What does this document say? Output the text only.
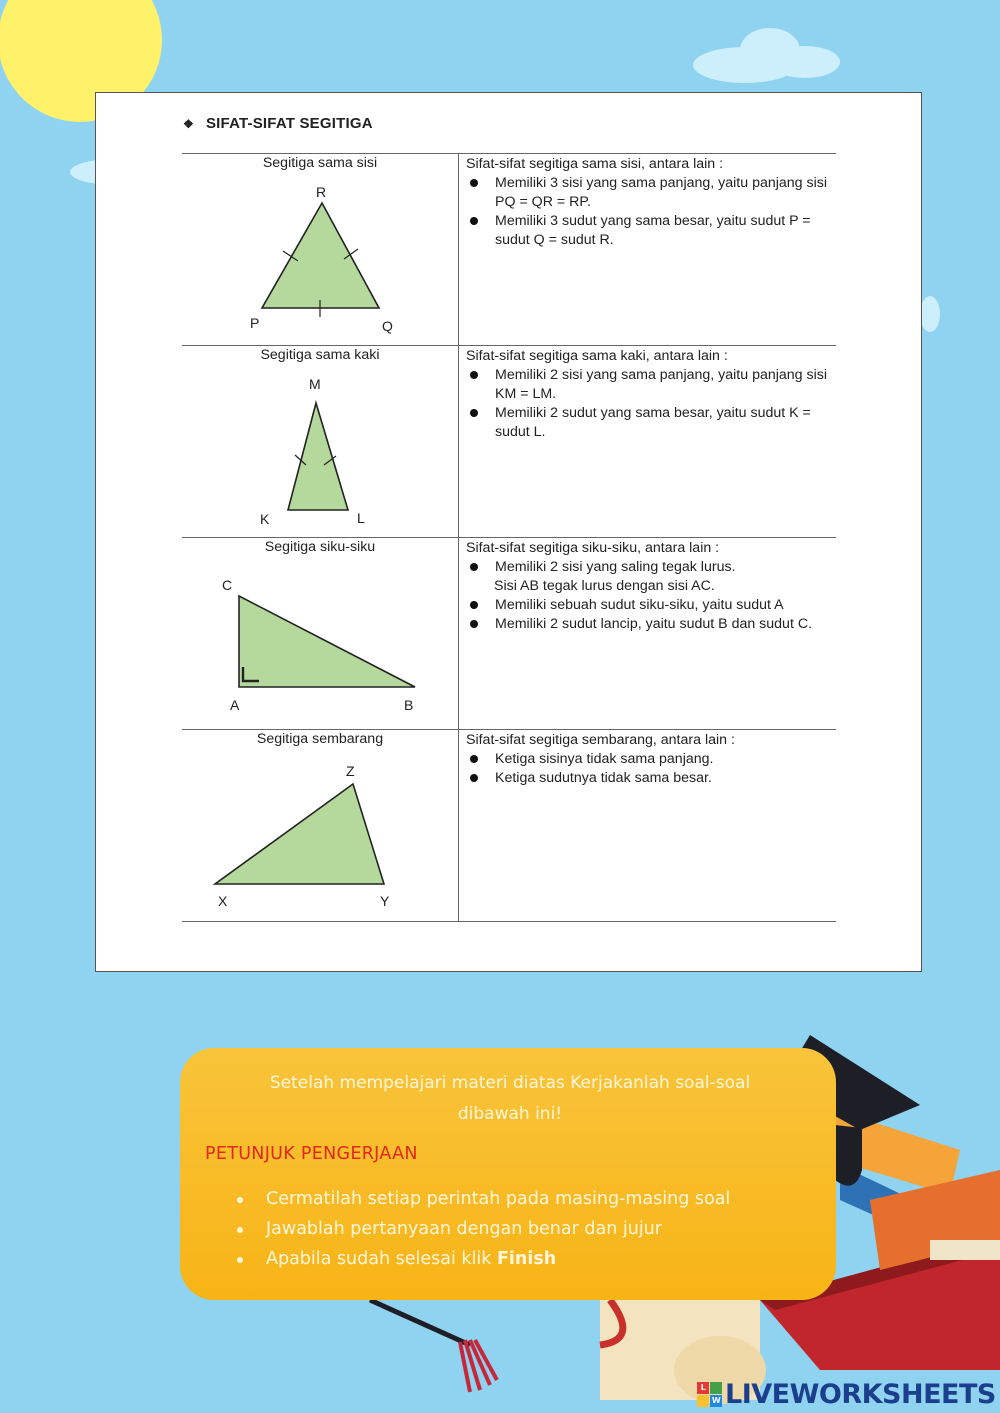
❖ SIFAT-SIFAT SEGITIGA
Segitiga sama sisi
R
P	Q

Sifat-sifat segitiga sama sisi, antara lain :

Memiliki 3 sisi yang sama panjang, yaitu panjang sisi PQ = QR = RP.
Memiliki 3 sudut yang sama besar, yaitu sudut P = sudut Q = sudut R.
Segitiga sama kaki
M
K	L

Sifat-sifat segitiga sama kaki, antara lain :

Memiliki 2 sisi yang sama panjang, yaitu panjang sisi KM = LM.
Memiliki 2 sudut yang sama besar, yaitu sudut K = sudut L.
Segitiga siku-siku
C
A	B

Sifat-sifat segitiga siku-siku, antara lain :

Memiliki 2 sisi yang saling tegak lurus.
Sisi AB tegak lurus dengan sisi AC.
Memiliki sebuah sudut siku-siku, yaitu sudut A
Memiliki 2 sudut lancip, yaitu sudut B dan sudut C.
Segitiga sembarang
Z
X	Y

Sifat-sifat segitiga sembarang, antara lain :

Ketiga sisinya tidak sama panjang.
Ketiga sudutnya tidak sama besar.
Setelah mempelajari materi diatas Kerjakanlah soal-soal dibawah ini!
PETUNJUK PENGERJAAN
Cermatilah setiap perintah pada masing-masing soal
Jawablah pertanyaan dengan benar dan jujur
Apabila sudah selesai klik Finish
L
W LIVEWORKSHEETS
